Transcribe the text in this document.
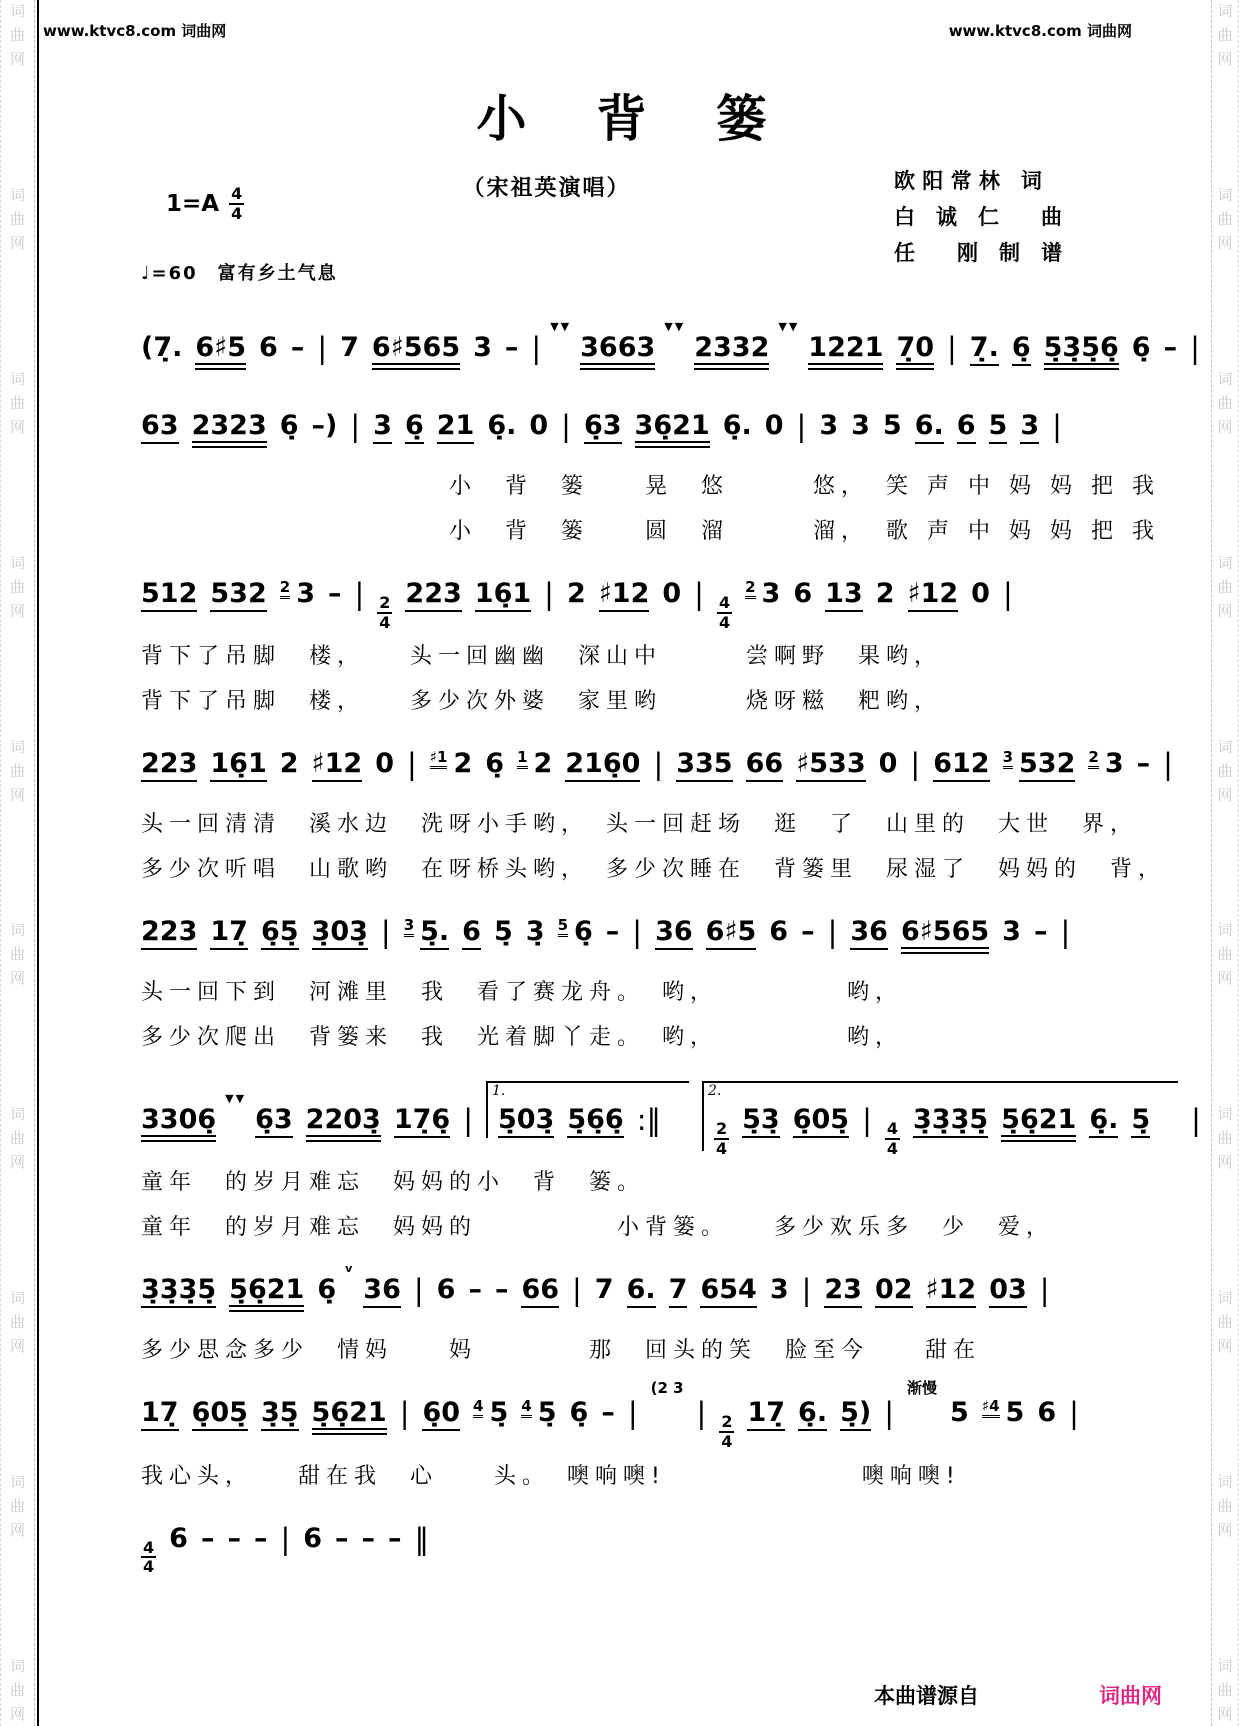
词
曲
网
词
曲
网
词
曲
网
词
曲
网
词
曲
网
词
曲
网
词
曲
网
词
曲
网
词
曲
网
词
曲
网
词
曲
网
词
曲
网
词
曲
网
词
曲
网
词
曲
网
词
曲
网
词
曲
网
词
曲
网
词
曲
网
词
曲
网
www.ktvc8.com 词曲网	www.ktvc8.com 词曲网
小　背　篓
（宋祖英演唱）	欧 阳 常 林　词
白　诚　仁　　曲
任　　刚　制　谱
1=A 4
4
♩=60　富有乡土气息
(7̣. 6♯5 6 – | 7 6♯565 3 – |
▼▼
3663
▼▼
2332
▼▼
1221 7̣0 | 7̣. 6̣ 5̣3̣5̣6̣ 6̣ – |
63 2323 6̣ –) | 3 6̣ 21 6̣. 0 | 6̣3 36̣21 6̣. 0 | 3 3 5 6. 6 5 3 |
　　　　　　　　　　　小　背　篓　　晃　悠　　　悠，　笑 声 中 妈 妈 把 我
　　　　　　　　　　　小　背　篓　　圆　溜　　　溜，　歌 声 中 妈 妈 把 我
512 532 2 3 – | 2
4
223 16̣1 | 2 ♯12 0 | 4
4
2 3 6 13 2 ♯12 0 |
背下了吊脚　楼，　　头一回幽幽　深山中　　　尝啊野　果哟，
背下了吊脚　楼，　　多少次外婆　家里哟　　　烧呀糍　粑哟，
223 16̣1 2 ♯12 0 | ♯1 2 6̣ 1 2 216̣0 | 335 66 ♯533 0 | 612 3 532 2 3 – |
头一回清清　溪水边　洗呀小手哟，　头一回赶场　逛　了　山里的　大世　界，
多少次听唱　山歌哟　在呀桥头哟，　多少次睡在　背篓里　尿湿了　妈妈的　背，
223 17̣ 6̣5̣ 3̣03̣ | 3 5̣. 6 5̣ 3̣ 5 6̣ – | 36 6♯5 6 – | 36 6♯565 3 – |
头一回下到　河滩里　我　看了赛龙舟。　哟，　　　　　哟，
多少次爬出　背篓来　我　光着脚丫走。　哟，　　　　　哟，
3306̣
▼▼
6̣3 2203̣ 17̣6̣ |
1.
5̣03̣ 5̣6̣6̣ :‖
2.
2
4
5̣3̣ 6̣05̣ | 4
4
3̣3̣3̣5̣ 5̣6̣21 6̣. 5̣ |
童年　的岁月难忘　妈妈的小　背　篓。
童年　的岁月难忘　妈妈的　　　　　小背篓。　　多少欢乐多　少　爱，
3̣3̣3̣5̣ 5̣6̣21 6̣
v
36 | 6 – – 66 | 7 6. 7 654 3 | 23 02 ♯12 03 |
多少思念多少　情妈　　妈　　　　那　回头的笑　脸至今　　甜在
17̣ 6̣05̣ 3̣5̣ 5̣6̣21 | 6̣0 4 5̣ 4 5̣ 6̣ – |
(2 3
| 2
4
17̣ 6̣. 5̣) |
渐慢
5 ♯4 5 6 |
我心头，　　甜在我　心　　头。　噢响噢!　　　　　　　噢响噢!
4
4
6 – – – | 6 – – – ‖
本曲谱源自	词曲网
